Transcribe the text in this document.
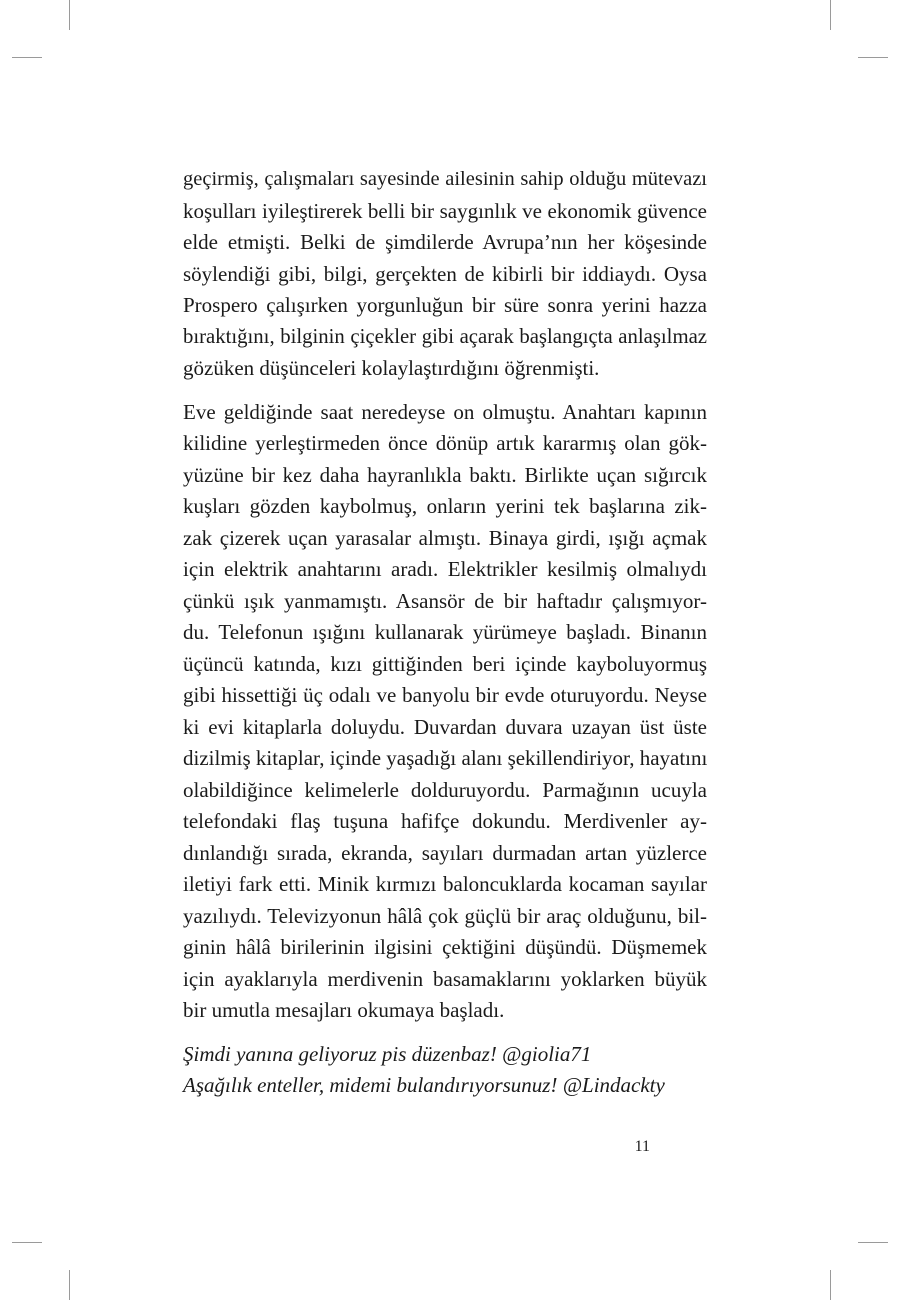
geçirmiş, çalışmaları sayesinde ailesinin sahip olduğu mütevazı
koşulları iyileştirerek belli bir saygınlık ve ekonomik güvence
elde etmişti. Belki de şimdilerde Avrupa’nın her köşesinde
söylendiği gibi, bilgi, gerçekten de kibirli bir iddiaydı. Oysa
Prospero çalışırken yorgunluğun bir süre sonra yerini hazza
bıraktığını, bilginin çiçekler gibi açarak başlangıçta anlaşılmaz
gözüken düşünceleri kolaylaştırdığını öğrenmişti.
Eve geldiğinde saat neredeyse on olmuştu. Anahtarı kapının
kilidine yerleştirmeden önce dönüp artık kararmış olan gök-
yüzüne bir kez daha hayranlıkla baktı. Birlikte uçan sığırcık
kuşları gözden kaybolmuş, onların yerini tek başlarına zik-
zak çizerek uçan yarasalar almıştı. Binaya girdi, ışığı açmak
için elektrik anahtarını aradı. Elektrikler kesilmiş olmalıydı
çünkü ışık yanmamıştı. Asansör de bir haftadır çalışmıyor-
du. Telefonun ışığını kullanarak yürümeye başladı. Binanın
üçüncü katında, kızı gittiğinden beri içinde kayboluyormuş
gibi hissettiği üç odalı ve banyolu bir evde oturuyordu. Neyse
ki evi kitaplarla doluydu. Duvardan duvara uzayan üst üste
dizilmiş kitaplar, içinde yaşadığı alanı şekillendiriyor, hayatını
olabildiğince kelimelerle dolduruyordu. Parmağının ucuyla
telefondaki flaş tuşuna hafifçe dokundu. Merdivenler ay-
dınlandığı sırada, ekranda, sayıları durmadan artan yüzlerce
iletiyi fark etti. Minik kırmızı baloncuklarda kocaman sayılar
yazılıydı. Televizyonun hâlâ çok güçlü bir araç olduğunu, bil-
ginin hâlâ birilerinin ilgisini çektiğini düşündü. Düşmemek
için ayaklarıyla merdivenin basamaklarını yoklarken büyük
bir umutla mesajları okumaya başladı.
Şimdi yanına geliyoruz pis düzenbaz! @giolia71
Aşağılık enteller, midemi bulandırıyorsunuz! @Lindackty
11
